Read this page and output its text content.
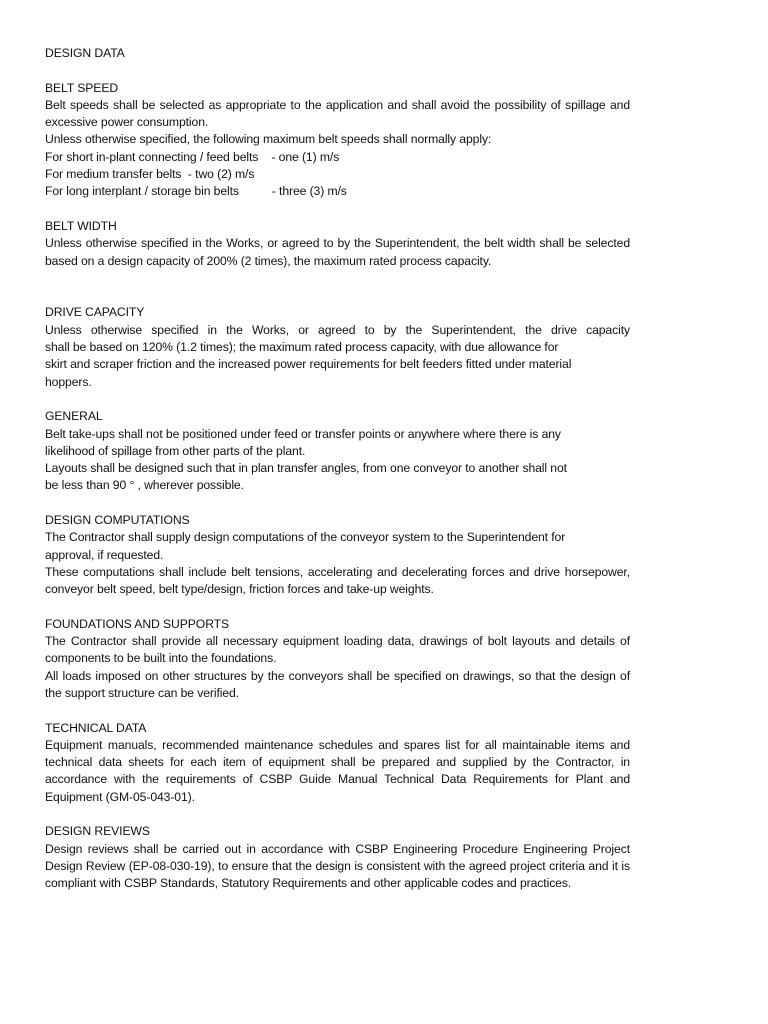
DESIGN DATA

BELT SPEED

Belt speeds shall be selected as appropriate to the application and shall avoid the possibility of spillage and excessive power consumption.

Unless otherwise specified, the following maximum belt speeds shall normally apply:

For short in-plant connecting / feed belts    - one (1) m/s

For medium transfer belts  - two (2) m/s

For long interplant / storage bin belts          - three (3) m/s

BELT WIDTH

Unless otherwise specified in the Works, or agreed to by the Superintendent, the belt width shall be selected based on a design capacity of 200% (2 times), the maximum rated process capacity.

DRIVE CAPACITY

Unless otherwise specified in the Works, or agreed to by the Superintendent, the drive capacity

shall be based on 120% (1.2 times); the maximum rated process capacity, with due allowance for

skirt and scraper friction and the increased power requirements for belt feeders fitted under material

hoppers.

GENERAL

Belt take-ups shall not be positioned under feed or transfer points or anywhere where there is any

likelihood of spillage from other parts of the plant.

Layouts shall be designed such that in plan transfer angles, from one conveyor to another shall not

be less than 90 ° , wherever possible.

DESIGN COMPUTATIONS

The Contractor shall supply design computations of the conveyor system to the Superintendent for

approval, if requested.

These computations shall include belt tensions, accelerating and decelerating forces and drive horsepower, conveyor belt speed, belt type/design, friction forces and take-up weights.

FOUNDATIONS AND SUPPORTS

The Contractor shall provide all necessary equipment loading data, drawings of bolt layouts and details of components to be built into the foundations.

All loads imposed on other structures by the conveyors shall be specified on drawings, so that the design of the support structure can be verified.

TECHNICAL DATA

Equipment manuals, recommended maintenance schedules and spares list for all maintainable items and technical data sheets for each item of equipment shall be prepared and supplied by the Contractor, in accordance with the requirements of CSBP Guide Manual Technical Data Requirements for Plant and Equipment (GM-05-043-01).

DESIGN REVIEWS

Design reviews shall be carried out in accordance with CSBP Engineering Procedure Engineering Project Design Review (EP-08-030-19), to ensure that the design is consistent with the agreed project criteria and it is compliant with CSBP Standards, Statutory Requirements and other applicable codes and practices.
